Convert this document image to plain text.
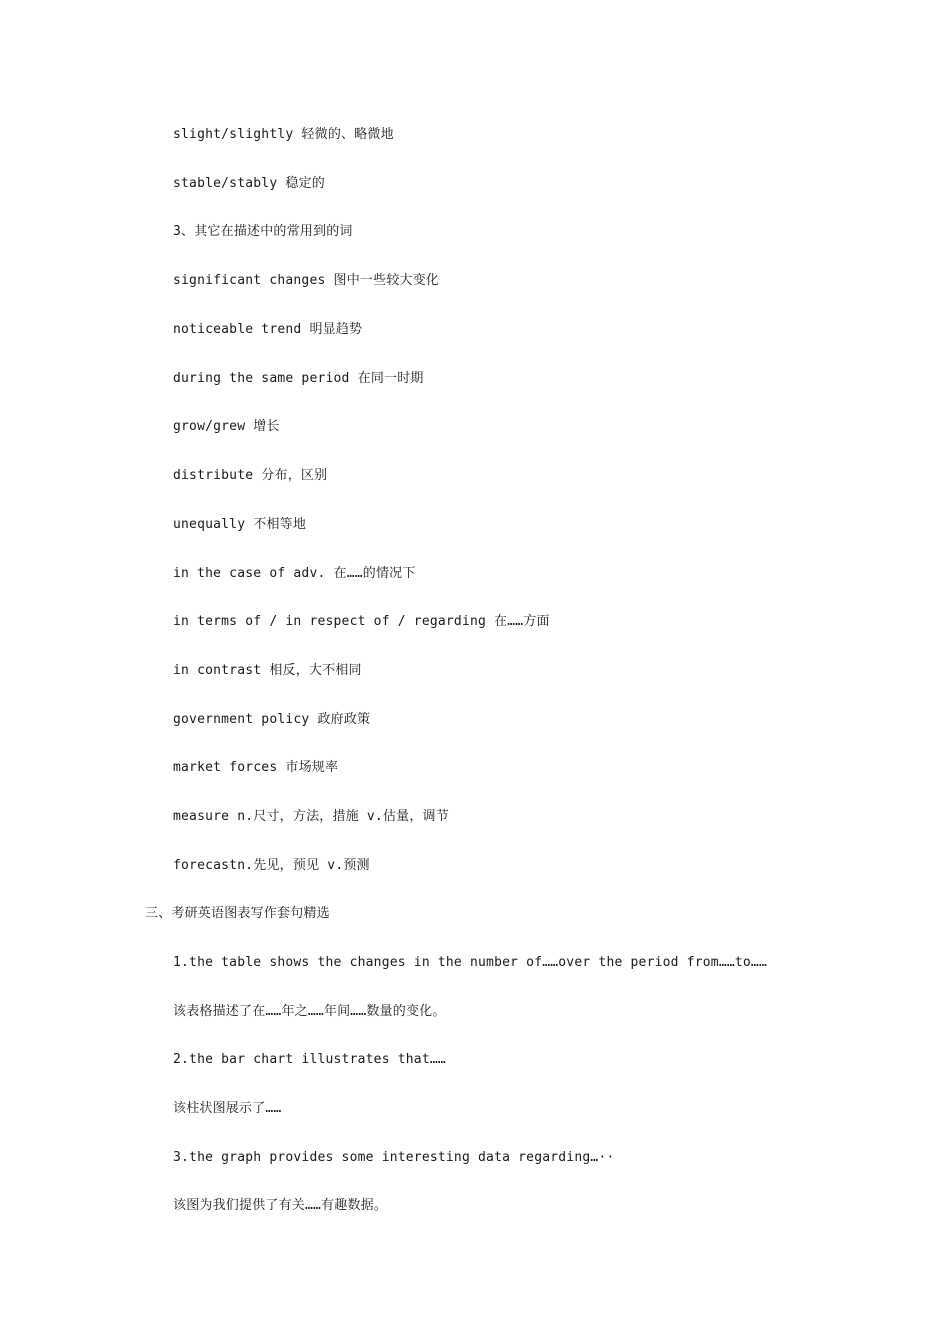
slight/slightly 轻微的、略微地
stable/stably 稳定的
3、其它在描述中的常用到的词
significant changes 图中一些较大变化
noticeable trend 明显趋势
during the same period 在同一时期
grow/grew 增长
distribute 分布，区别
unequally 不相等地
in the case of adv. 在……的情况下
in terms of / in respect of / regarding 在……方面
in contrast 相反，大不相同
government policy 政府政策
market forces 市场规率
measure n.尺寸，方法，措施 v.估量，调节
forecastn.先见，预见 v.预测
三、考研英语图表写作套句精选
1.the table shows the changes in the number of……over the period from……to……
该表格描述了在……年之……年间……数量的变化。
2.the bar chart illustrates that……
该柱状图展示了……
3.the graph provides some interesting data regarding…··
该图为我们提供了有关……有趣数据。
